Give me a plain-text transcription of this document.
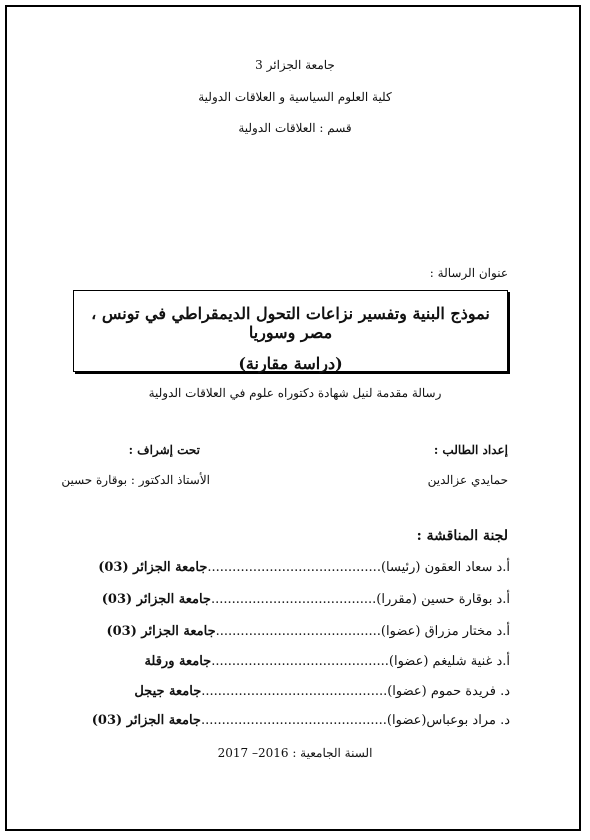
جامعة الجزائر 3
كلية العلوم السياسية و العلاقات الدولية
قسم : العلاقات الدولية
عنوان الرسالة :
نموذج البنية وتفسير نزاعات التحول الديمقراطي في تونس ، مصر وسوريا
(دراسة مقارنة)
رسالة مقدمة لنيل شهادة دكتوراه علوم في العلاقات الدولية
إعداد الطالب :
تحت إشراف :
حمايدي عزالدين
الأستاذ الدكتور : بوقارة حسين
لجنة المناقشة :
أ.د سعاد العقون (رئيسا)..........................................جامعة الجزائر (03)
أ.د بوقارة حسين (مقررا)........................................جامعة الجزائر (03)
أ.د مختار مزراق (عضوا)........................................جامعة الجزائر (03)
أ.د غنية شليغم (عضوا)...........................................جامعة ورقلة
د. فريدة حموم (عضوا).............................................جامعة جيجل
د. مراد بوعباس(عضوا).............................................جامعة الجزائر (03)
السنة الجامعية : 2016– 2017
